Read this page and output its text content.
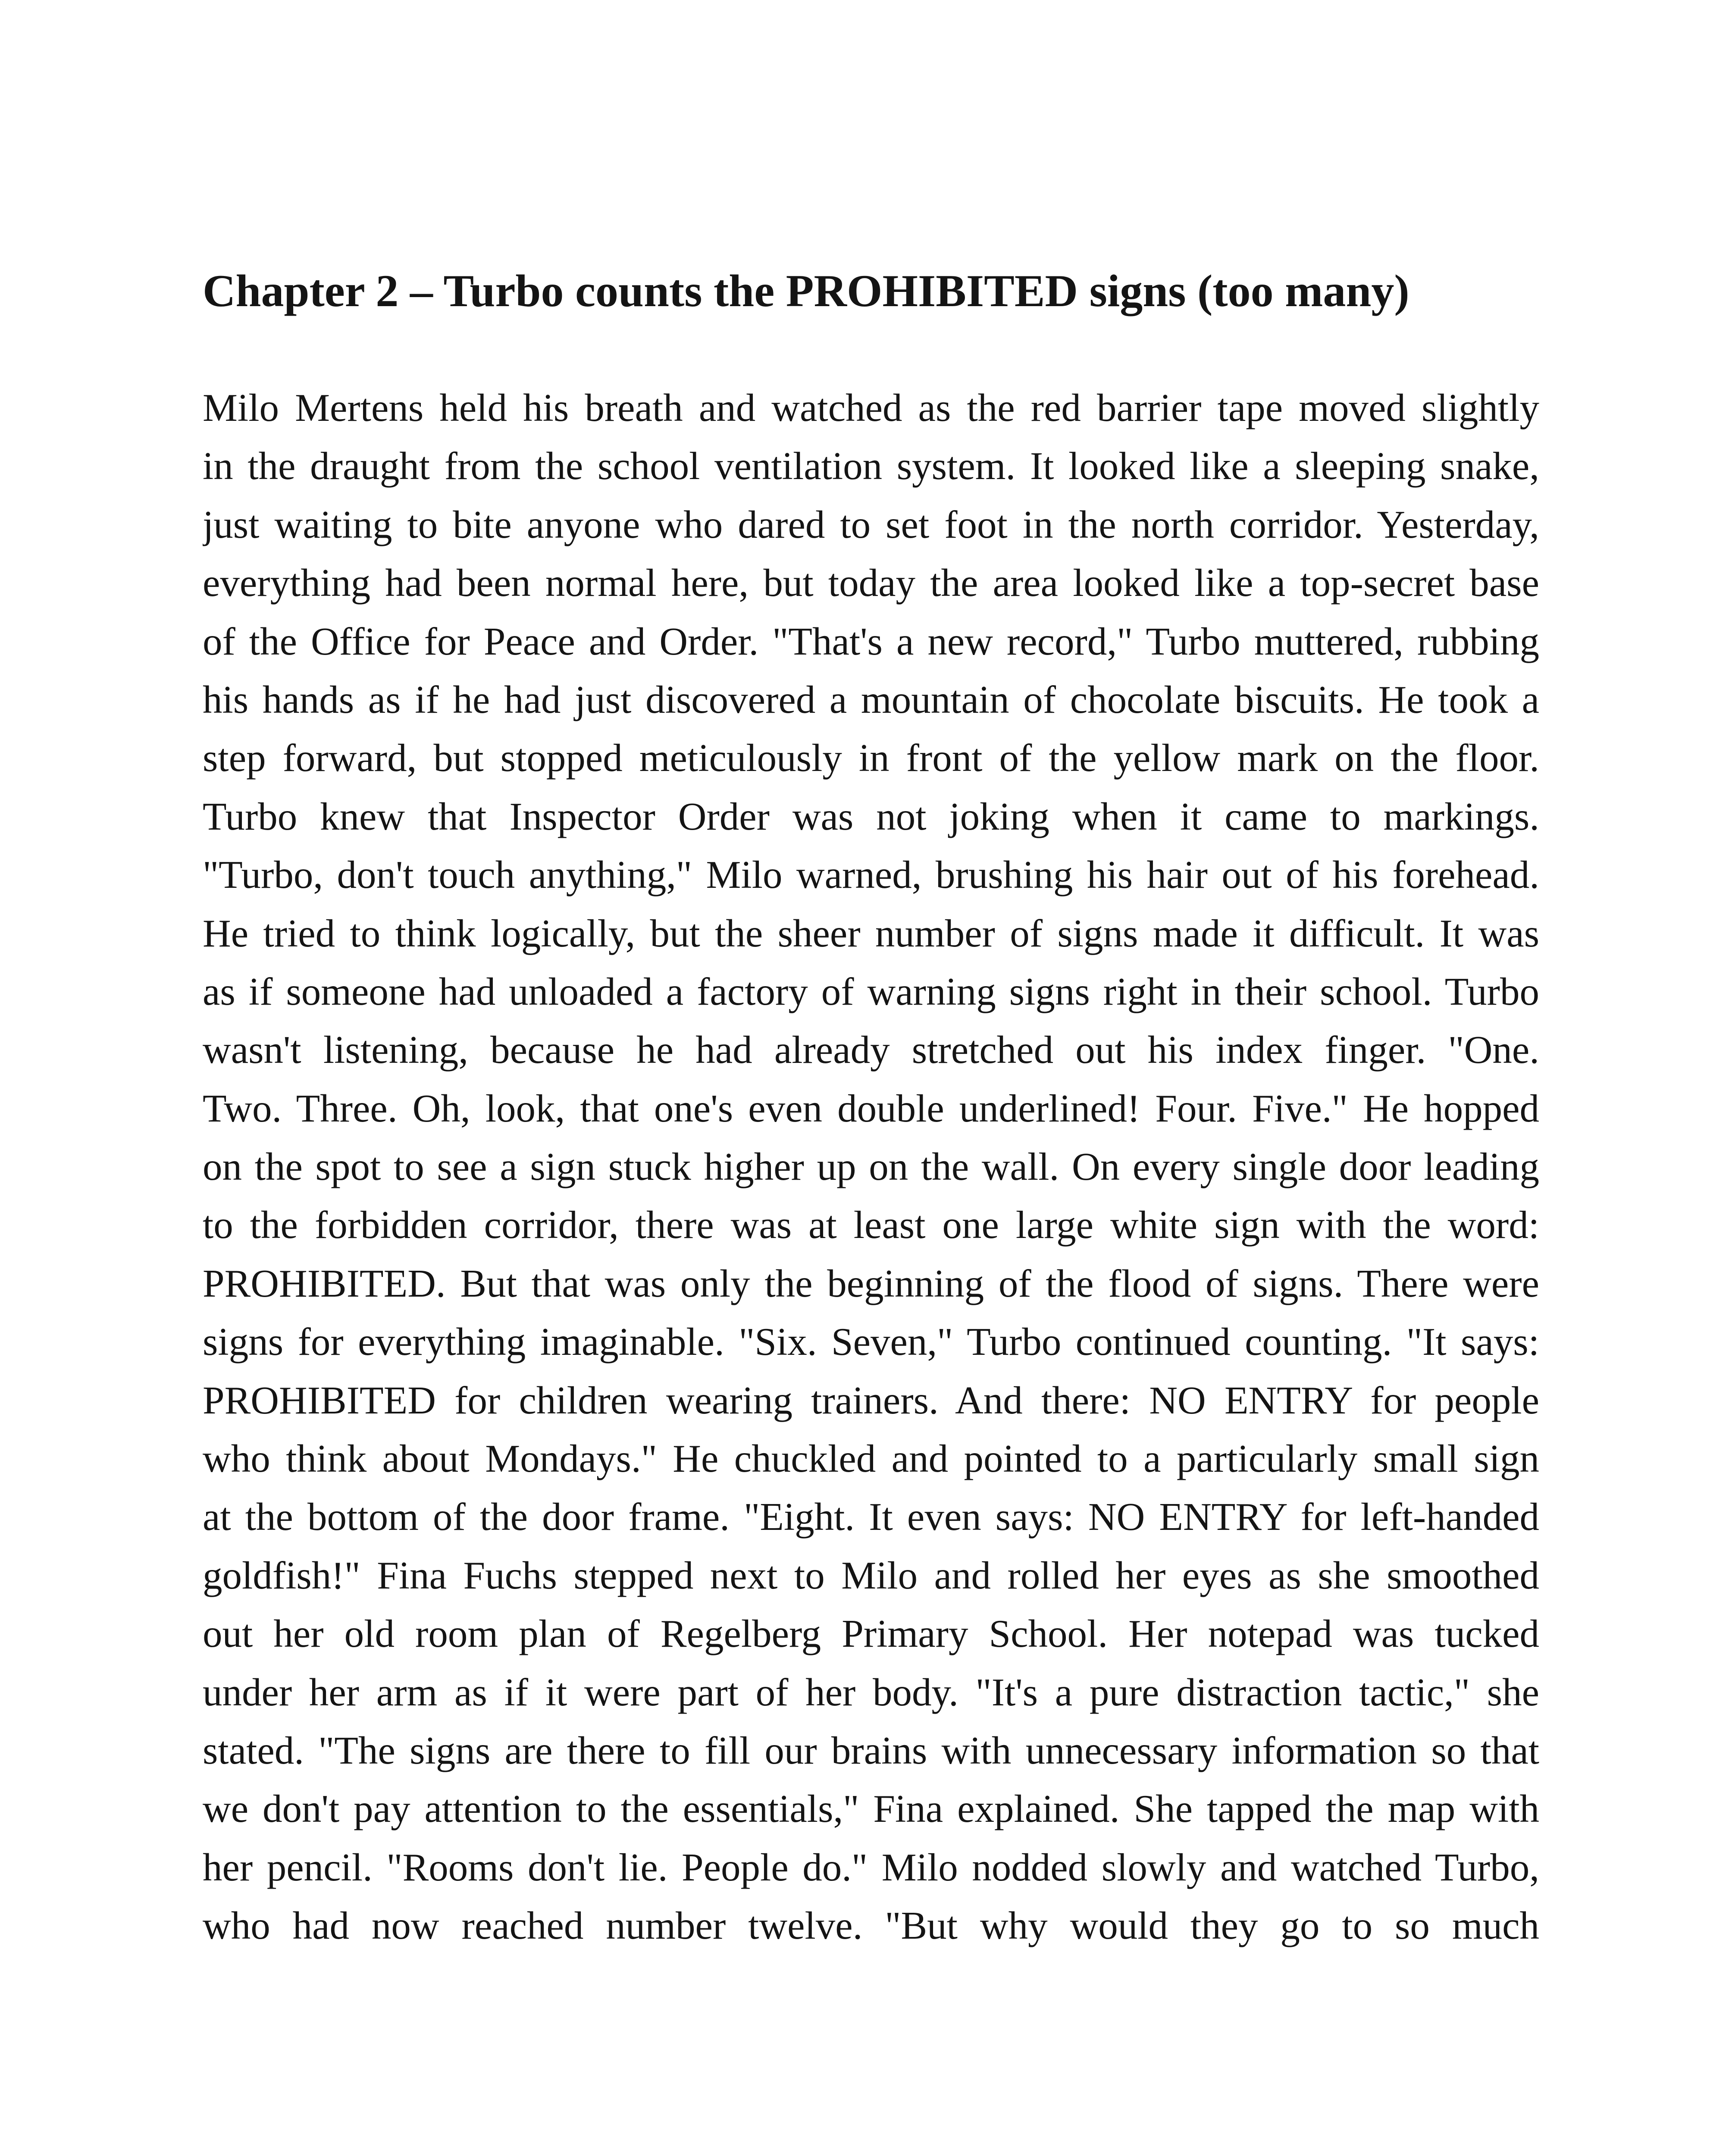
Chapter 2 – Turbo counts the PROHIBITED signs (too many)
Milo Mertens held his breath and watched as the red barrier tape moved slightly
in the draught from the school ventilation system. It looked like a sleeping snake,
just waiting to bite anyone who dared to set foot in the north corridor. Yesterday,
everything had been normal here, but today the area looked like a top-secret base
of the Office for Peace and Order. "That's a new record," Turbo muttered, rubbing
his hands as if he had just discovered a mountain of chocolate biscuits. He took a
step forward, but stopped meticulously in front of the yellow mark on the floor.
Turbo knew that Inspector Order was not joking when it came to markings.
"Turbo, don't touch anything," Milo warned, brushing his hair out of his forehead.
He tried to think logically, but the sheer number of signs made it difficult. It was
as if someone had unloaded a factory of warning signs right in their school. Turbo
wasn't listening, because he had already stretched out his index finger. "One.
Two. Three. Oh, look, that one's even double underlined! Four. Five." He hopped
on the spot to see a sign stuck higher up on the wall. On every single door leading
to the forbidden corridor, there was at least one large white sign with the word:
PROHIBITED. But that was only the beginning of the flood of signs. There were
signs for everything imaginable. "Six. Seven," Turbo continued counting. "It says:
PROHIBITED for children wearing trainers. And there: NO ENTRY for people
who think about Mondays." He chuckled and pointed to a particularly small sign
at the bottom of the door frame. "Eight. It even says: NO ENTRY for left-handed
goldfish!" Fina Fuchs stepped next to Milo and rolled her eyes as she smoothed
out her old room plan of Regelberg Primary School. Her notepad was tucked
under her arm as if it were part of her body. "It's a pure distraction tactic," she
stated. "The signs are there to fill our brains with unnecessary information so that
we don't pay attention to the essentials," Fina explained. She tapped the map with
her pencil. "Rooms don't lie. People do." Milo nodded slowly and watched Turbo,
who had now reached number twelve. "But why would they go to so much
